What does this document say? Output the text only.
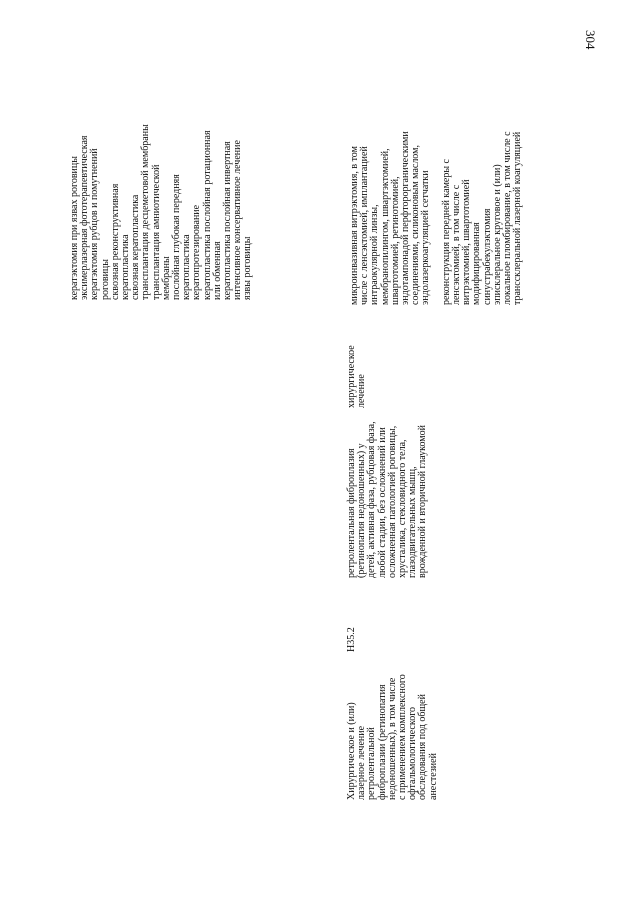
304
кератэктомия при язвах роговицы эксимерлазерная фототерапевтическая кератэктомия рубцов и помутнений роговицы сквозная реконструктивная кератопластика сквозная кератопластика трансплантация десцеметовой мембраны трансплантация амниотической мембраны послойная глубокая передняя кератопластика кератопротезирование кератопластика послойная ротационная или обменная кератопластика послойная инвертная интенсивное консервативное лечение язвы роговицы
Хирургическое и (или) лазерное лечение ретролентальной фиброплазии (ретинопатия недоношенных), в том числе с применением комплексного офтальмологического обследования под общей анестезией
H35.2
ретролентальная фиброплазия (ретинопатия недоношенных) у детей, активная фаза, рубцовая фаза, любой стадии, без осложнений или осложненная патологией роговицы, хрусталика, стекловидного тела, глазодвигательных мышц, врожденной и вторичной глаукомой
хирургическое лечение
микроинвазивная витрэктомия, в том числе с ленсэктомией, имплантацией интраокулярной линзы, мембранопилингом, швартэктомией, швартотомией, ретинотомией, эндотампонадой перфторорганическими соединениями, силиконовым маслом, эндолазеркоагуляцией сетчатки реконструкция передней камеры с ленсэктомией, в том числе с витрэктомией, швартотомией модифицированная синустрабекулэктомия эписклеральное круговое и (или) локальное пломбирование, в том числе с транссклеральной лазерной коагуляцией
